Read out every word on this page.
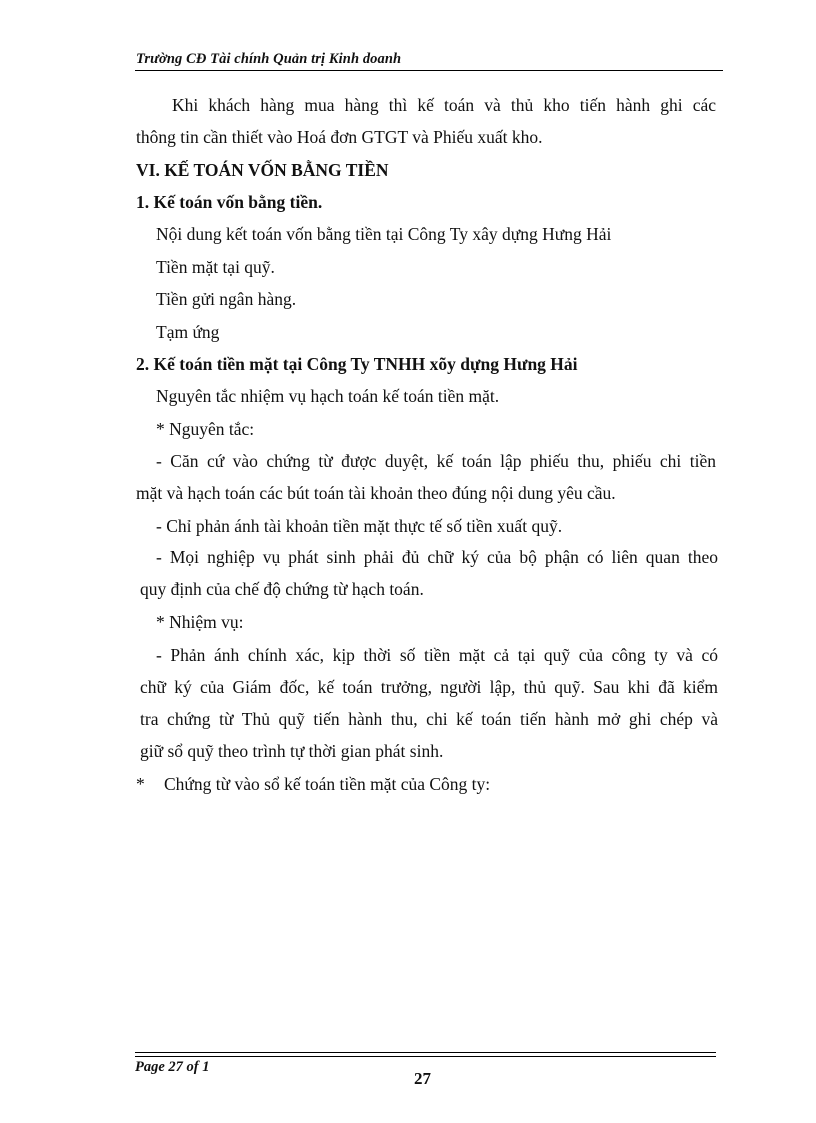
Trường CĐ Tài chính Quản trị Kinh doanh
Khi khách hàng mua hàng thì kế toán và thủ kho tiến hành ghi các
thông tin cần thiết vào Hoá đơn GTGT và Phiếu xuất kho.
VI. KẾ TOÁN VỐN BẰNG TIỀN
1. Kế toán vốn bằng tiền.
Nội dung kết toán vốn bằng tiền tại Công Ty xây dựng Hưng Hải
Tiền mặt tại quỹ.
Tiền gửi ngân hàng.
Tạm ứng
2. Kế toán tiền mặt tại Công Ty TNHH xõy dựng Hưng Hải
Nguyên tắc nhiệm vụ hạch toán kế toán tiền mặt.
* Nguyên tắc:
- Căn cứ vào chứng từ được duyệt, kế toán lập phiếu thu, phiếu chi tiền
mặt và hạch toán các bút toán tài khoản theo đúng nội dung yêu cầu.
- Chỉ phản ánh tài khoản tiền mặt thực tế số tiền xuất quỹ.
- Mọi nghiệp vụ phát sinh phải đủ chữ ký của bộ phận có liên quan theo
quy định của chế độ chứng từ hạch toán.
* Nhiệm vụ:
- Phản ánh chính xác, kịp thời số tiền mặt cả tại quỹ của công ty và có
chữ ký của Giám đốc, kế toán trưởng, người lập, thủ quỹ. Sau khi đã kiểm
tra chứng từ Thủ quỹ tiến hành thu, chi kế toán tiến hành mở ghi chép và
giữ sổ quỹ theo trình tự thời gian phát sinh.
* Chứng từ vào sổ kế toán tiền mặt của Công ty:
Page 27 of 1
27
